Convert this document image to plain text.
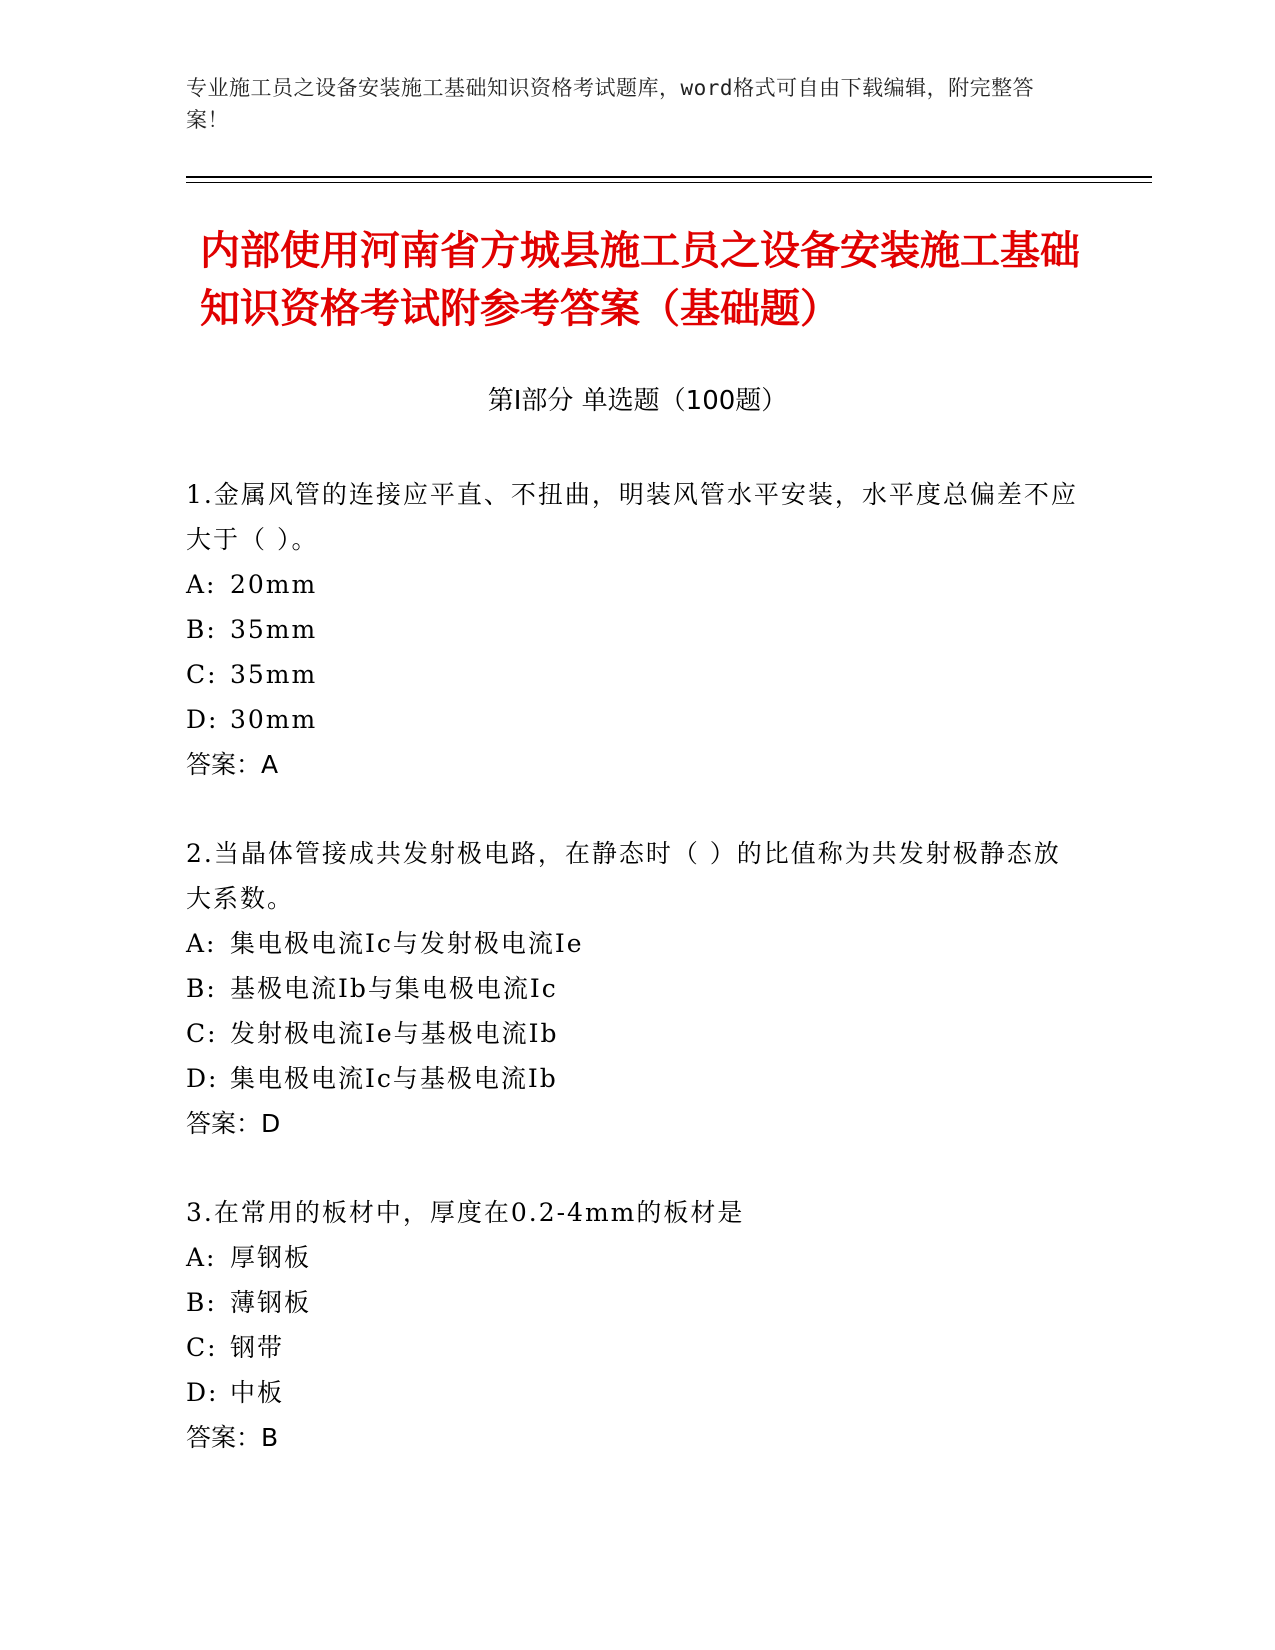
专业施工员之设备安装施工基础知识资格考试题库，word格式可自由下载编辑，附完整答案！
内部使用河南省方城县施工员之设备安装施工基础知识资格考试附参考答案（基础题）
第Ⅰ部分 单选题（100题）

1.金属风管的连接应平直、不扭曲，明装风管水平安装，水平度总偏差不应大于（ ）。

A: 20mm

B: 35mm

C: 35mm

D: 30mm

答案：A

2.当晶体管接成共发射极电路，在静态时（ ）的比值称为共发射极静态放大系数。

A: 集电极电流Ic与发射极电流Ie

B: 基极电流Ib与集电极电流Ic

C: 发射极电流Ie与基极电流Ib

D: 集电极电流Ic与基极电流Ib

答案：D

3.在常用的板材中，厚度在0.2-4mm的板材是

A: 厚钢板

B: 薄钢板

C: 钢带

D: 中板

答案：B
